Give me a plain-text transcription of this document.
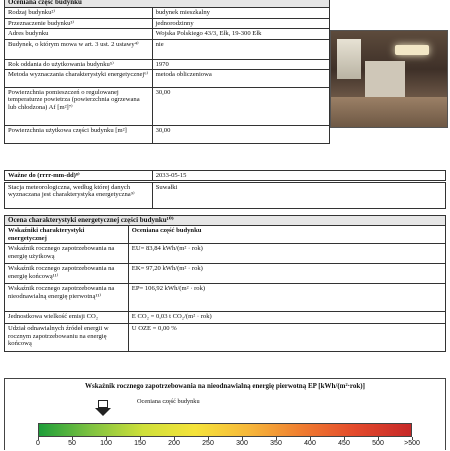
Oceniana część budynku	
Rodzaj budynku²⁾	budynek mieszkalny
Przeznaczenie budynku³⁾	jednorodzinny
Adres budynku	Wojska Polskiego 43/3, Ełk, 19-300 Ełk
Budynek, o którym mowa w art. 3 ust. 2 ustawy⁴⁾	nie
Rok oddania do użytkowania budynku⁵⁾	1970
Metoda wyznaczania charakterystyki energetycznej⁶⁾	metoda obliczeniowa
Powierzchnia pomieszczeń o regulowanej temperaturze powietrza (powierzchnia ogrzewana lub chłodzona) Af [m²]⁷⁾	30,00
Powierzchnia użytkowa części budynku [m²]	30,00
Ważne do (rrrr-mm-dd)⁸⁾	2033-05-15
Stacja meteorologiczna, według której danych wyznaczana jest charakterystyka energetyczna⁹⁾	Suwałki
Ocena charakterystyki energetycznej części budynku¹⁰⁾	
Wskaźniki charakterystyki energetycznej	Oceniana część budynku
Wskaźnik rocznego zapotrzebowania na energię użytkową	EU= 83,84 kWh/(m² · rok)
Wskaźnik rocznego zapotrzebowania na energię końcową¹¹⁾	EK= 97,20 kWh/(m² · rok)
Wskaźnik rocznego zapotrzebowania na nieodnawialną energię pierwotną¹¹⁾	EP= 106,92 kWh/(m² · rok)
Jednostkowa wielkość emisji CO₂	E CO₂ = 0,03 t CO₂/(m² · rok)
Udział odnawialnych źródeł energii w rocznym zapotrzebowaniu na energię końcową	U OZE = 0,00 %
Wskaźnik rocznego zapotrzebowania na nieodnawialną energię pierwotną EP [kWh/(m²·rok)]
Oceniana część budynku
0	50	100	150	200	250	300	350	400	450	500	>500
